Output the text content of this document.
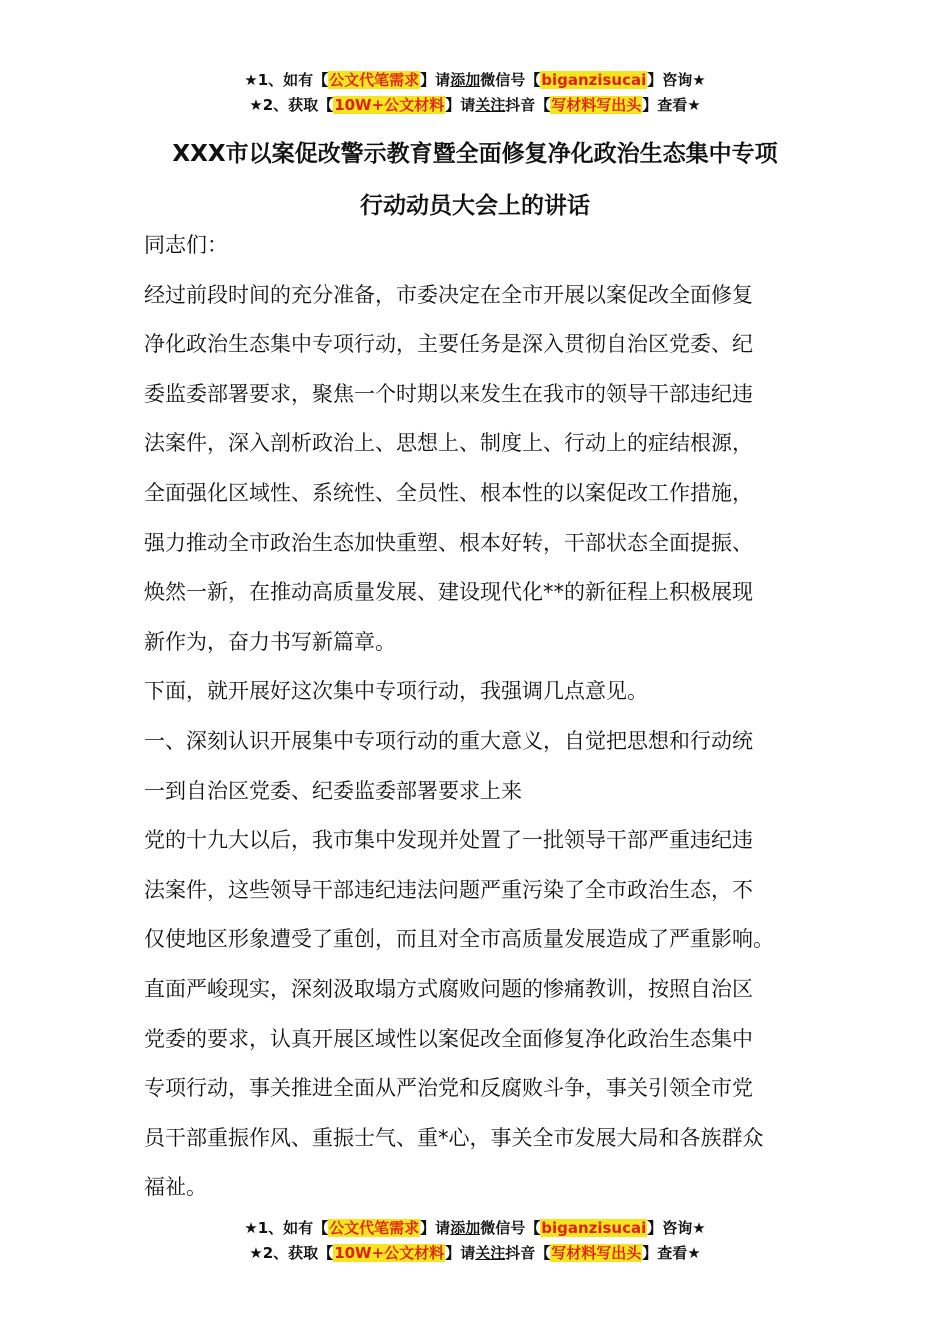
★1、如有【公文代笔需求】请添加微信号【biganzisucai】咨询★
★2、获取【10W+公文材料】请关注抖音【写材料写出头】查看★
XXX市以案促改警示教育暨全面修复净化政治生态集中专项
行动动员大会上的讲话

同志们：

经过前段时间的充分准备，市委决定在全市开展以案促改全面修复

净化政治生态集中专项行动，主要任务是深入贯彻自治区党委、纪

委监委部署要求，聚焦一个时期以来发生在我市的领导干部违纪违

法案件，深入剖析政治上、思想上、制度上、行动上的症结根源，

全面强化区域性、系统性、全员性、根本性的以案促改工作措施，

强力推动全市政治生态加快重塑、根本好转，干部状态全面提振、

焕然一新，在推动高质量发展、建设现代化**的新征程上积极展现

新作为，奋力书写新篇章。

下面，就开展好这次集中专项行动，我强调几点意见。

一、深刻认识开展集中专项行动的重大意义，自觉把思想和行动统

一到自治区党委、纪委监委部署要求上来

党的十九大以后，我市集中发现并处置了一批领导干部严重违纪违

法案件，这些领导干部违纪违法问题严重污染了全市政治生态，不

仅使地区形象遭受了重创，而且对全市高质量发展造成了严重影响。

直面严峻现实，深刻汲取塌方式腐败问题的惨痛教训，按照自治区

党委的要求，认真开展区域性以案促改全面修复净化政治生态集中

专项行动，事关推进全面从严治党和反腐败斗争，事关引领全市党

员干部重振作风、重振士气、重*心，事关全市发展大局和各族群众

福祉。

★1、如有【公文代笔需求】请添加微信号【biganzisucai】咨询★
★2、获取【10W+公文材料】请关注抖音【写材料写出头】查看★
